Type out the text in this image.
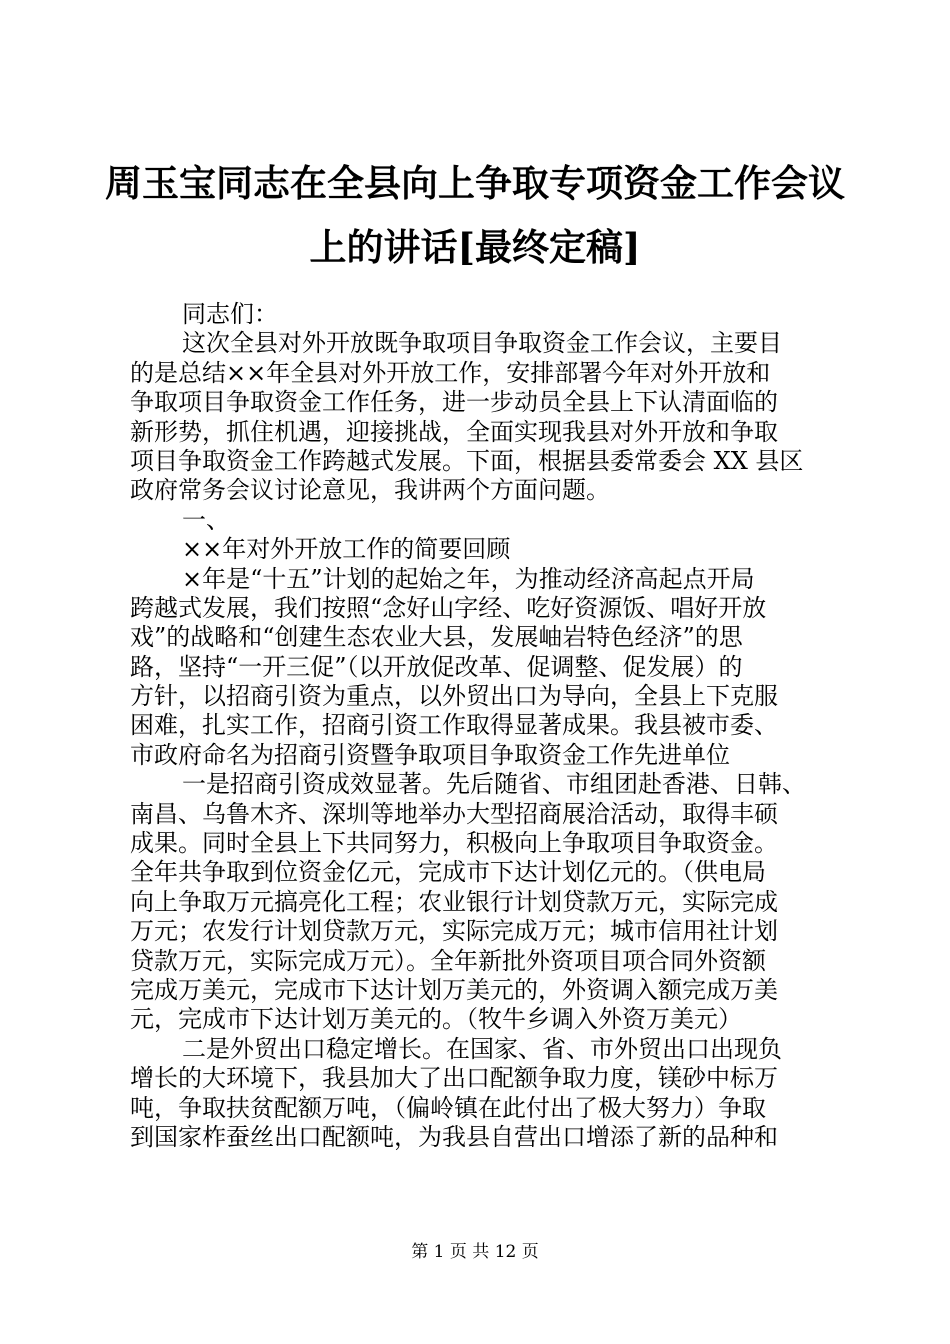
周玉宝同志在全县向上争取专项资金工作会议
上的讲话[最终定稿]
同志们：
这次全县对外开放既争取项目争取资金工作会议，主要目
的是总结××年全县对外开放工作，安排部署今年对外开放和
争取项目争取资金工作任务，进一步动员全县上下认清面临的
新形势，抓住机遇，迎接挑战，全面实现我县对外开放和争取
项目争取资金工作跨越式发展。下面，根据县委常委会 XX 县区
政府常务会议讨论意见，我讲两个方面问题。
一、
××年对外开放工作的简要回顾
×年是“十五”计划的起始之年，为推动经济高起点开局
跨越式发展，我们按照“念好山字经、吃好资源饭、唱好开放
戏”的战略和“创建生态农业大县，发展岫岩特色经济”的思
路，坚持“一开三促”（以开放促改革、促调整、促发展）的
方针，以招商引资为重点，以外贸出口为导向，全县上下克服
困难，扎实工作，招商引资工作取得显著成果。我县被市委、
市政府命名为招商引资暨争取项目争取资金工作先进单位
一是招商引资成效显著。先后随省、市组团赴香港、日韩、
南昌、乌鲁木齐、深圳等地举办大型招商展洽活动，取得丰硕
成果。同时全县上下共同努力，积极向上争取项目争取资金。
全年共争取到位资金亿元，完成市下达计划亿元的。（供电局
向上争取万元搞亮化工程；农业银行计划贷款万元，实际完成
万元；农发行计划贷款万元，实际完成万元；城市信用社计划
贷款万元，实际完成万元）。全年新批外资项目项合同外资额
完成万美元，完成市下达计划万美元的，外资调入额完成万美
元，完成市下达计划万美元的。（牧牛乡调入外资万美元）
二是外贸出口稳定增长。在国家、省、市外贸出口出现负
增长的大环境下，我县加大了出口配额争取力度，镁砂中标万
吨，争取扶贫配额万吨，（偏岭镇在此付出了极大努力）争取
到国家柞蚕丝出口配额吨，为我县自营出口增添了新的品种和
第 1 页 共 12 页
